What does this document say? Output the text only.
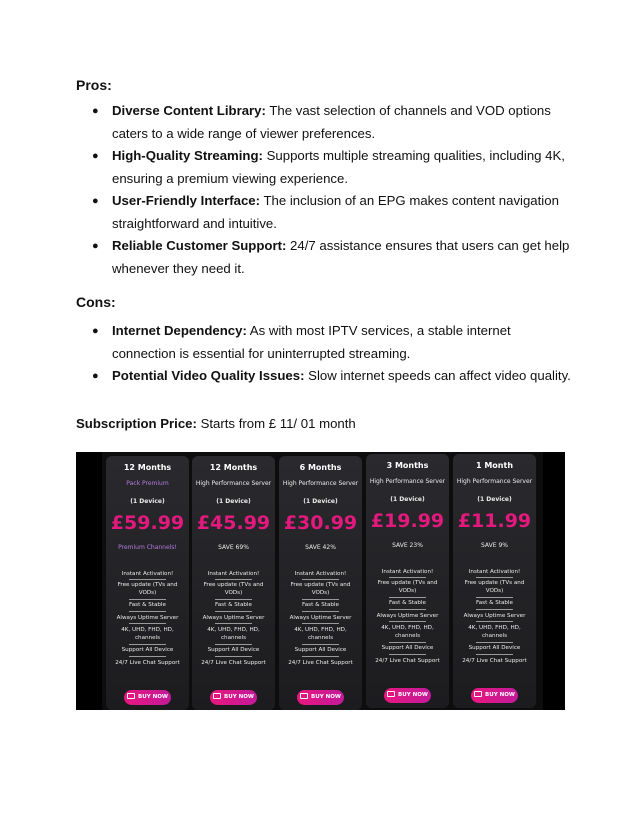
Pros:
● Diverse Content Library: The vast selection of channels and VOD options caters to a wide range of viewer preferences.
● High-Quality Streaming: Supports multiple streaming qualities, including 4K, ensuring a premium viewing experience.
● User-Friendly Interface: The inclusion of an EPG makes content navigation straightforward and intuitive.
● Reliable Customer Support: 24/7 assistance ensures that users can get help whenever they need it.
Cons:
● Internet Dependency: As with most IPTV services, a stable internet connection is essential for uninterrupted streaming.
● Potential Video Quality Issues: Slow internet speeds can affect video quality.
Subscription Price: Starts from £ 11/ 01 month
12 Months
Pack Premium
(1 Device)
£59.99
Premium Channels!
Instant Activation!
Free update (TVs and VODs)
Fast & Stable
Always Uptime Server
4K, UHD, FHD, HD, channels
Support All Device
24/7 Live Chat Support
BUY NOW
12 Months
High Performance Server
(1 Device)
£45.99
SAVE 69%
Instant Activation!
Free update (TVs and VODs)
Fast & Stable
Always Uptime Server
4K, UHD, FHD, HD, channels
Support All Device
24/7 Live Chat Support
BUY NOW
6 Months
High Performance Server
(1 Device)
£30.99
SAVE 42%
Instant Activation!
Free update (TVs and VODs)
Fast & Stable
Always Uptime Server
4K, UHD, FHD, HD, channels
Support All Device
24/7 Live Chat Support
BUY NOW
3 Months
High Performance Server
(1 Device)
£19.99
SAVE 23%
Instant Activation!
Free update (TVs and VODs)
Fast & Stable
Always Uptime Server
4K, UHD, FHD, HD, channels
Support All Device
24/7 Live Chat Support
BUY NOW
1 Month
High Performance Server
(1 Device)
£11.99
SAVE 9%
Instant Activation!
Free update (TVs and VODs)
Fast & Stable
Always Uptime Server
4K, UHD, FHD, HD, channels
Support All Device
24/7 Live Chat Support
BUY NOW
